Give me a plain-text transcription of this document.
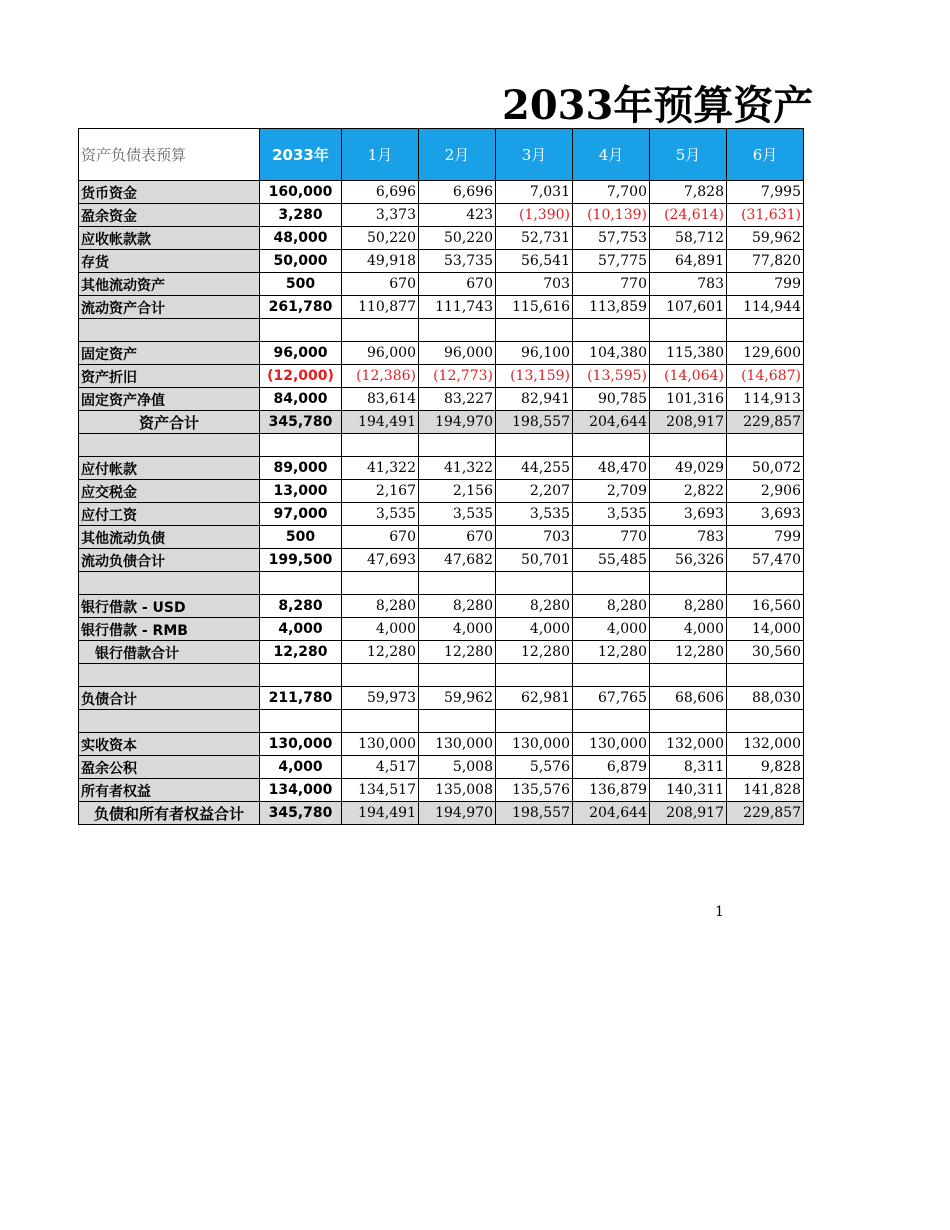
2033年预算资产
资产负债表预算	2033年	1月	2月	3月	4月	5月	6月
货币资金	160,000	6,696	6,696	7,031	7,700	7,828	7,995
盈余资金	3,280	3,373	423	(1,390)	(10,139)	(24,614)	(31,631)
应收帐款款	48,000	50,220	50,220	52,731	57,753	58,712	59,962
存货	50,000	49,918	53,735	56,541	57,775	64,891	77,820
其他流动资产	500	670	670	703	770	783	799
流动资产合计	261,780	110,877	111,743	115,616	113,859	107,601	114,944

固定资产	96,000	96,000	96,000	96,100	104,380	115,380	129,600
资产折旧	(12,000)	(12,386)	(12,773)	(13,159)	(13,595)	(14,064)	(14,687)
固定资产净值	84,000	83,614	83,227	82,941	90,785	101,316	114,913
资产合计	345,780	194,491	194,970	198,557	204,644	208,917	229,857

应付帐款	89,000	41,322	41,322	44,255	48,470	49,029	50,072
应交税金	13,000	2,167	2,156	2,207	2,709	2,822	2,906
应付工资	97,000	3,535	3,535	3,535	3,535	3,693	3,693
其他流动负债	500	670	670	703	770	783	799
流动负债合计	199,500	47,693	47,682	50,701	55,485	56,326	57,470

银行借款 - USD	8,280	8,280	8,280	8,280	8,280	8,280	16,560
银行借款 - RMB	4,000	4,000	4,000	4,000	4,000	4,000	14,000
银行借款合计	12,280	12,280	12,280	12,280	12,280	12,280	30,560

负债合计	211,780	59,973	59,962	62,981	67,765	68,606	88,030

实收资本	130,000	130,000	130,000	130,000	130,000	132,000	132,000
盈余公积	4,000	4,517	5,008	5,576	6,879	8,311	9,828
所有者权益	134,000	134,517	135,008	135,576	136,879	140,311	141,828
负债和所有者权益合计	345,780	194,491	194,970	198,557	204,644	208,917	229,857
1
